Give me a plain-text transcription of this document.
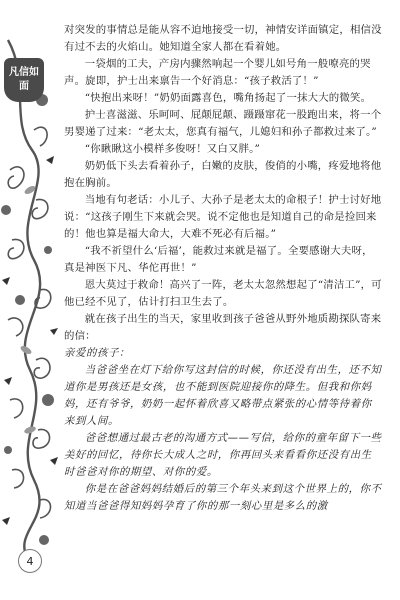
凡信如面

对突发的事情总是能从容不迫地接受一切，神情安详面镇定，相信没有过不去的火焰山。她知道全家人都在看着她。

一袋烟的工夫，产房内骤然响起一个婴儿如号角一般嘹亮的哭声。旋即，护士出来禀告一个好消息：“孩子救活了！”

“快抱出来呀！”奶奶面露喜色，嘴角扬起了一抹大大的微笑。

护士喜滋滋、乐呵呵、屁颠屁颠、蹑蹑窜花一股跑出来，将一个男婴递了过来：“老太太，您真有福气，儿媳妇和孙子都救过来了。”

“你瞅瞅这小模样多俊呀！又白又胖。”

奶奶低下头去看着孙子，白嫩的皮肤，俊俏的小嘴，疼爱地将他抱在胸前。

当地有句老话：小儿子、大孙子是老太太的命根子！护士讨好地说：“这孩子刚生下来就会哭。说不定他也是知道自己的命是捡回来的！他也算是福大命大，大难不死必有后福。”

“我不祈望什么‘后福’，能救过来就是福了。全要感谢大夫呀，真是神医下凡、华佗再世！”

恩大莫过于救命！高兴了一阵，老太太忽然想起了“清洁工”，可他已经不见了，估计打扫卫生去了。

就在孩子出生的当天，家里收到孩子爸爸从野外地质勘探队寄来的信：

亲爱的孩子：

当爸爸坐在灯下给你写这封信的时候，你还没有出生，还不知道你是男孩还是女孩，也不能到医院迎接你的降生。但我和你妈妈，还有爷爷，奶奶一起怀着欣喜又略带点紧张的心情等待着你来到人间。

爸爸想通过最古老的沟通方式——写信，给你的童年留下一些美好的回忆，待你长大成人之时，你再回头来看看你还没有出生时爸爸对你的期望、对你的爱。

你是在爸爸妈妈结婚后的第三个年头来到这个世界上的，你不知道当爸爸得知妈妈孕育了你的那一刻心里是多么的激

4
